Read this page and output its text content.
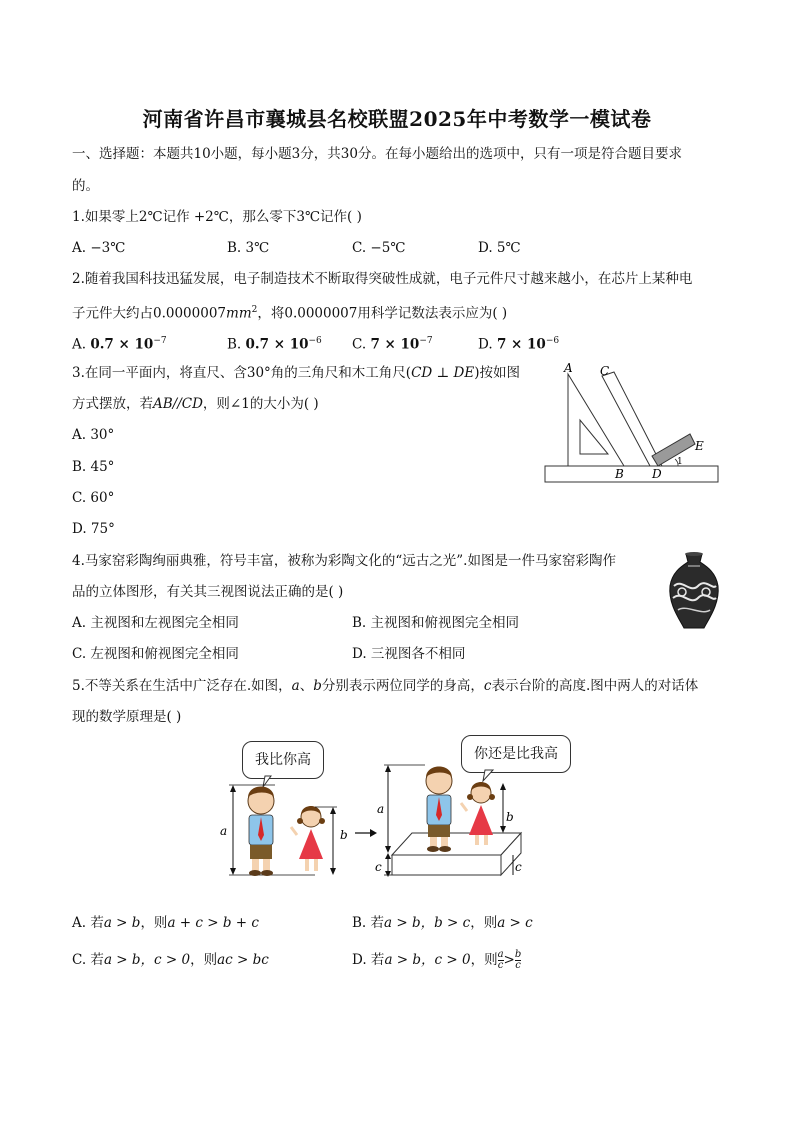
河南省许昌市襄城县名校联盟2025年中考数学一模试卷
一、选择题：本题共10小题，每小题3分，共30分。在每小题给出的选项中，只有一项是符合题目要求
的。
1.如果零上2℃记作 +2℃，那么零下3℃记作( )
A. −3℃	B. 3℃	C. −5℃	D. 5℃
2.随着我国科技迅猛发展，电子制造技术不断取得突破性成就，电子元件尺寸越来越小，在芯片上某种电
子元件大约占$0.0000007mm^2$，将0.0000007用科学记数法表示应为( )
A. $0.7 \times 10^{-7}$	B. $0.7 \times 10^{-6}$ C. $7 \times 10^{-7}$	D. $7 \times 10^{-6}$
3.在同一平面内，将直尺、含30°角的三角尺和木工角尺(CD ⊥ DE)按如图
方式摆放，若AB//CD，则∠1的大小为( )
A. 30°
B. 45°
C. 60°
D. 75°
A C
E
B D
1
4.马家窑彩陶绚丽典雅，符号丰富，被称为彩陶文化的“远古之光”.如图是一件马家窑彩陶作
品的立体图形，有关其三视图说法正确的是( )
A. 主视图和左视图完全相同	B. 主视图和俯视图完全相同
C. 左视图和俯视图完全相同	D. 三视图各不相同
5.不等关系在生活中广泛存在.如图，a、b分别表示两位同学的身高，c表示台阶的高度.图中两人的对话体
现的数学原理是( )
我比你高	你还是比我高
a	b
a
c
b
c
A. 若a > b，则a + c > b + c	B. 若a > b，b > c，则a > c
C. 若a > b，c > 0，则ac > bc	D. 若a > b，c > 0，则 $\frac{a}{c} > \frac{b}{c}$
